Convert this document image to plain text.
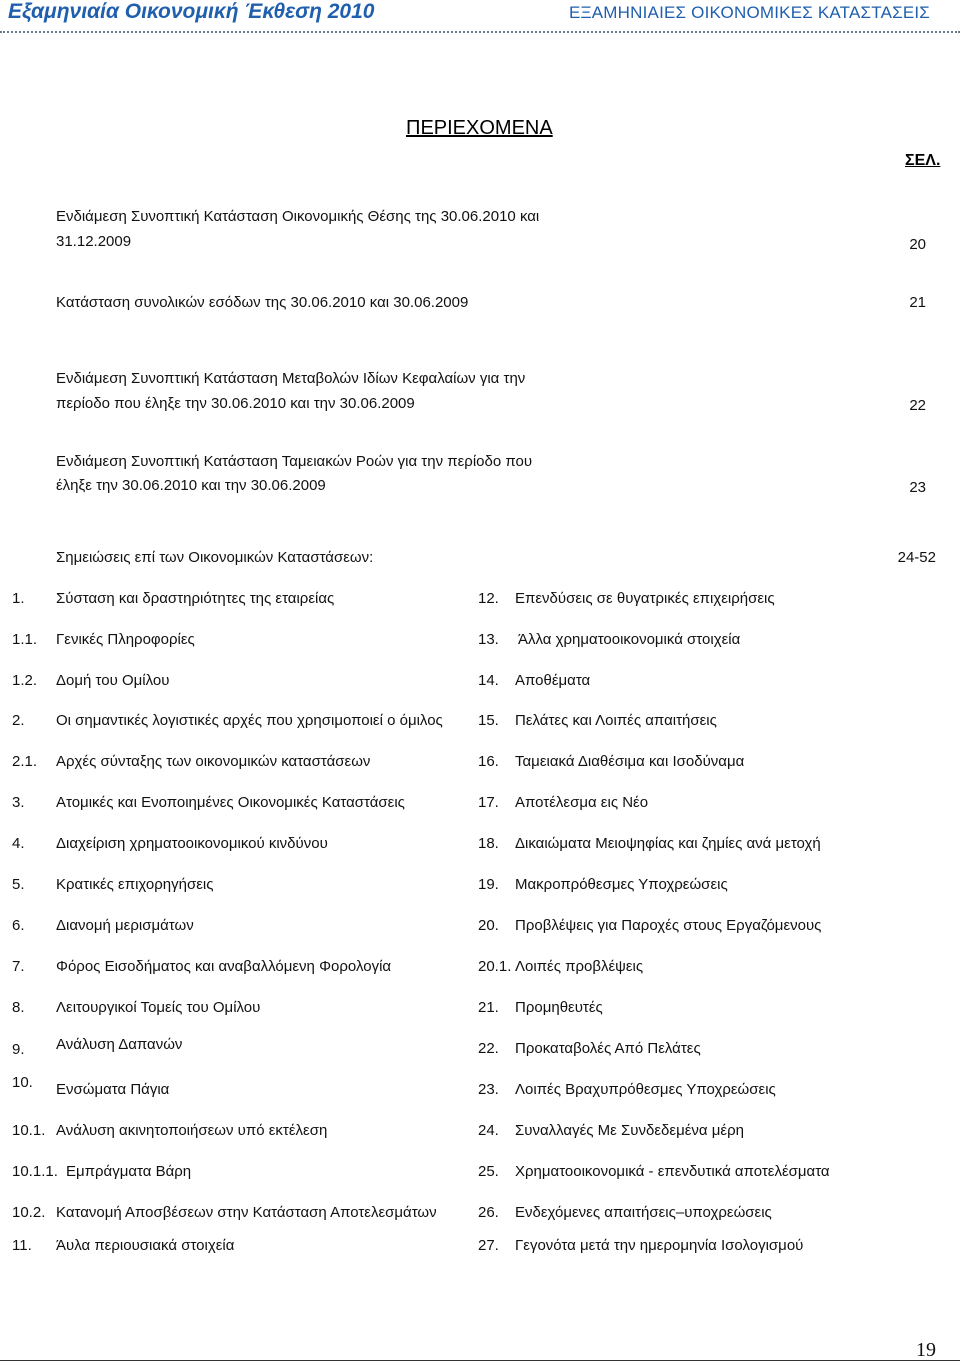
Εξαμηνιαία Οικονομική Έκθεση 2010	ΕΞΑΜΗΝΙΑΙΕΣ ΟΙΚΟΝΟΜΙΚΕΣ ΚΑΤΑΣΤΑΣΕΙΣ
ΠΕΡΙΕΧΟΜΕΝΑ
ΣΕΛ.
Ενδιάμεση Συνοπτική Κατάσταση Οικονομικής Θέσης της 30.06.2010 και
31.12.2009	20
Κατάσταση συνολικών εσόδων της 30.06.2010 και 30.06.2009	21
Ενδιάμεση Συνοπτική Κατάσταση Μεταβολών Ιδίων Κεφαλαίων για την
περίοδο που έληξε την 30.06.2010 και την 30.06.2009	22
Ενδιάμεση Συνοπτική Κατάσταση Ταμειακών Ροών για την περίοδο που
έληξε την 30.06.2010 και την 30.06.2009	23
Σημειώσεις επί των Οικονομικών Καταστάσεων:	24-52
1. Σύσταση και δραστηριότητες της εταιρείας
1.1. Γενικές Πληροφορίες
1.2. Δομή του Ομίλου
2. Οι σημαντικές λογιστικές αρχές που χρησιμοποιεί ο όμιλος
2.1. Αρχές σύνταξης των οικονομικών καταστάσεων
3. Ατομικές και Ενοποιημένες Οικονομικές Καταστάσεις
4. Διαχείριση χρηματοοικονομικού κινδύνου
5. Κρατικές επιχορηγήσεις
6. Διανομή μερισμάτων
7. Φόρος Εισοδήματος και αναβαλλόμενη Φορολογία
8. Λειτουργικοί Τομείς του Ομίλου
9. Ανάλυση Δαπανών
10. Ενσώματα Πάγια
10.1. Ανάλυση ακινητοποιήσεων υπό εκτέλεση
10.1.1. Εμπράγματα Βάρη
10.2. Κατανομή Αποσβέσεων στην Κατάσταση Αποτελεσμάτων
11. Άυλα περιουσιακά στοιχεία
12. Επενδύσεις σε θυγατρικές επιχειρήσεις
13. Άλλα χρηματοοικονομικά στοιχεία
14. Αποθέματα
15. Πελάτες και Λοιπές απαιτήσεις
16. Ταμειακά Διαθέσιμα και Ισοδύναμα
17. Αποτέλεσμα εις Νέο
18. Δικαιώματα Μειοψηφίας και ζημίες ανά μετοχή
19. Μακροπρόθεσμες Υποχρεώσεις
20. Προβλέψεις για Παροχές στους Εργαζόμενους
20.1. Λοιπές προβλέψεις
21. Προμηθευτές
22. Προκαταβολές Από Πελάτες
23. Λοιπές Βραχυπρόθεσμες Υποχρεώσεις
24. Συναλλαγές Με Συνδεδεμένα μέρη
25. Χρηματοοικονομικά - επενδυτικά αποτελέσματα
26. Ενδεχόμενες απαιτήσεις–υποχρεώσεις
27. Γεγονότα μετά την ημερομηνία Ισολογισμού
19
